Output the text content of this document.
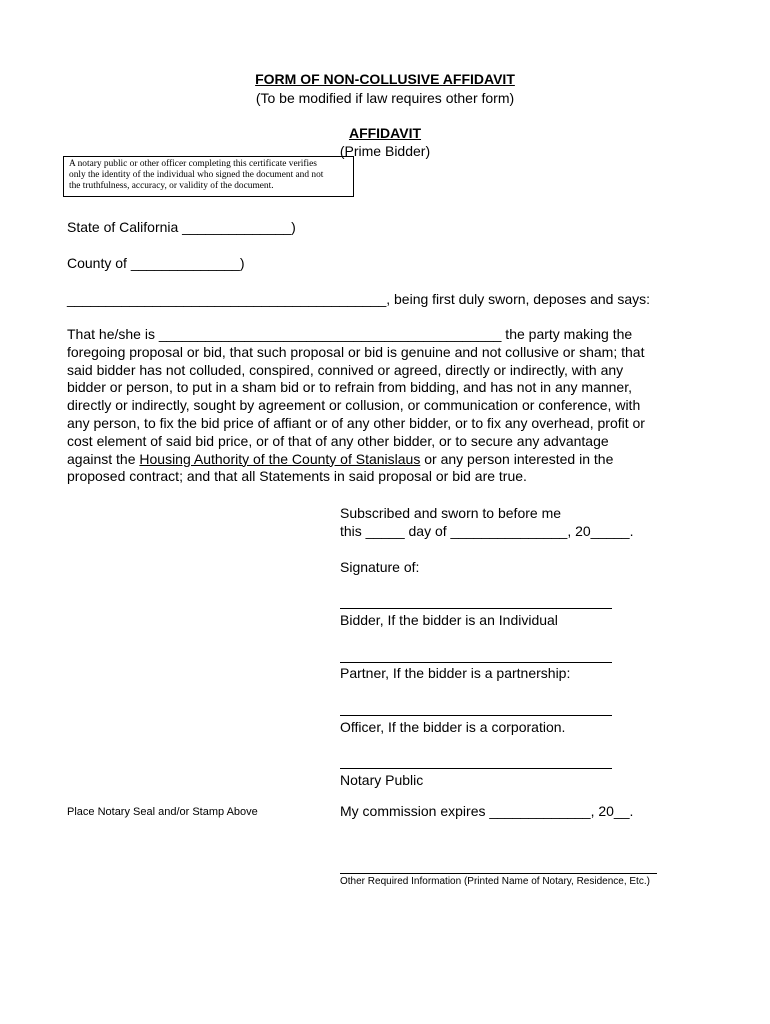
FORM OF NON-COLLUSIVE AFFIDAVIT
(To be modified if law requires other form)
AFFIDAVIT
(Prime Bidder)
A notary public or other officer completing this certificate verifies
only the identity of the individual who signed the document and not
the truthfulness, accuracy, or validity of the document.
State of California ______________)
County of ______________)
_________________________________________, being first duly sworn, deposes and says:
That he/she is ____________________________________________ the party making the
foregoing proposal or bid, that such proposal or bid is genuine and not collusive or sham; that
said bidder has not colluded, conspired, connived or agreed, directly or indirectly, with any
bidder or person, to put in a sham bid or to refrain from bidding, and has not in any manner,
directly or indirectly, sought by agreement or collusion, or communication or conference, with
any person, to fix the bid price of affiant or of any other bidder, or to fix any overhead, profit or
cost element of said bid price, or of that of any other bidder, or to secure any advantage
against the Housing Authority of the County of Stanislaus or any person interested in the
proposed contract; and that all Statements in said proposal or bid are true.
Subscribed and sworn to before me
this _____ day of _______________, 20_____.
Signature of:
Bidder, If the bidder is an Individual
Partner, If the bidder is a partnership:
Officer, If the bidder is a corporation.
Notary Public
Place Notary Seal and/or Stamp Above	My commission expires _____________, 20__.
Other Required Information (Printed Name of Notary, Residence, Etc.)
